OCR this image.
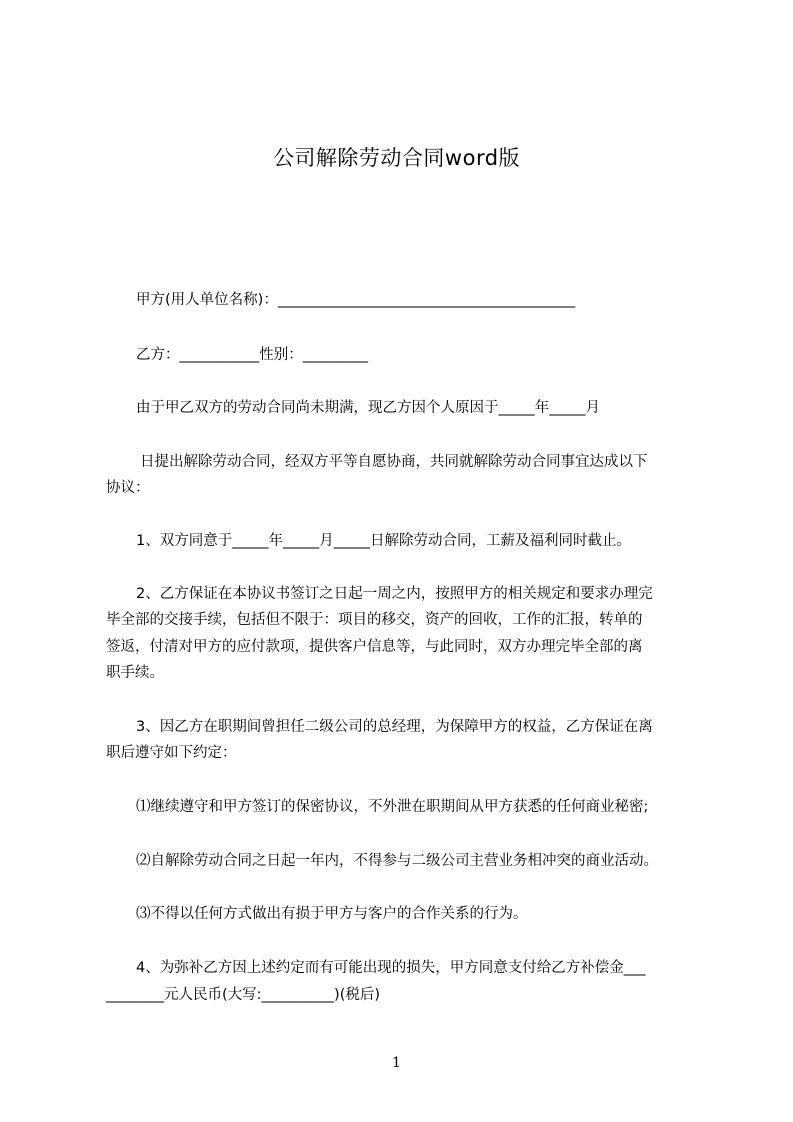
公司解除劳动合同word版
甲方(用人单位名称)：_________________________________________
乙方：___________性别：_________
由于甲乙双方的劳动合同尚未期满，现乙方因个人原因于_____年_____月
日提出解除劳动合同，经双方平等自愿协商，共同就解除劳动合同事宜达成以下
协议：
1、双方同意于_____年_____月_____日解除劳动合同，工薪及福利同时截止。
2、乙方保证在本协议书签订之日起一周之内，按照甲方的相关规定和要求办理完
毕全部的交接手续，包括但不限于：项目的移交，资产的回收，工作的汇报，转单的
签返，付清对甲方的应付款项，提供客户信息等，与此同时，双方办理完毕全部的离
职手续。
3、因乙方在职期间曾担任二级公司的总经理，为保障甲方的权益，乙方保证在离
职后遵守如下约定：
⑴继续遵守和甲方签订的保密协议，不外泄在职期间从甲方获悉的任何商业秘密;
⑵自解除劳动合同之日起一年内，不得参与二级公司主营业务相冲突的商业活动。
⑶不得以任何方式做出有损于甲方与客户的合作关系的行为。
4、为弥补乙方因上述约定而有可能出现的损失，甲方同意支付给乙方补偿金___
________元人民币(大写:__________)(税后)
1
